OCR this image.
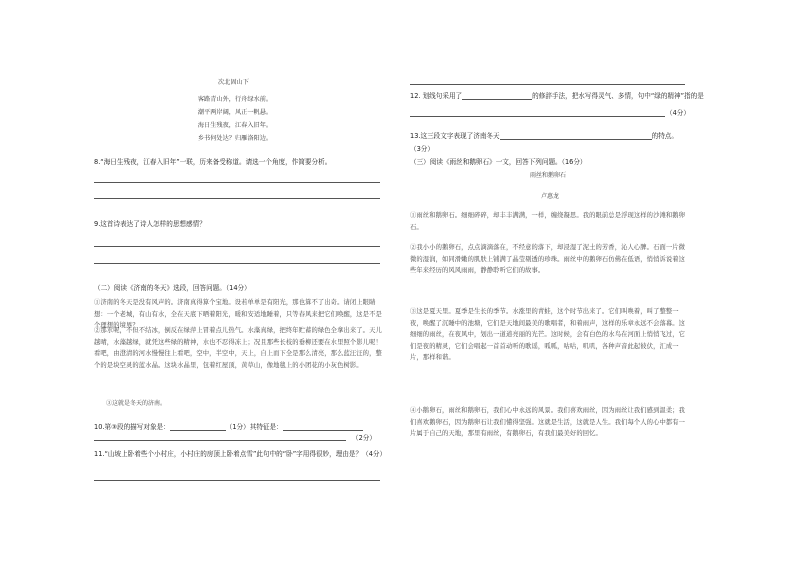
次北固山下
客路青山外，行舟绿水前。
潮平两岸阔，风正一帆悬。
海日生残夜，江春入旧年。
乡书何处达？归雁洛阳边。
8.“海日生残夜，江春入旧年”一联，历来备受称道。请选一个角度，作简要分析。
9.这首诗表达了诗人怎样的思想感情？
（二）阅读《济南的冬天》选段，回答问题。（14分）
①济南的冬天是没有风声的。济南真得算个宝地。设若单单是有阳光，那也算不了出奇。请闭上眼睛想：一个老城，有山有水，全在天底下晒着阳光，暖和安适地睡着，只等春风来把它们唤醒，这是不是个理想的境界？
②那水呢，不但不结冰，倒反在绿萍上冒着点儿热气。水藻真绿，把终年贮蓄的绿色全拿出来了。天儿越晴，水藻越绿，就凭这些绿的精神，水也不忍得冻上；况且那些长枝的垂柳还要在水里照个影儿呢！看吧，由澄清的河水慢慢往上看吧，空中，半空中，天上，自上而下全是那么清亮，那么蓝汪汪的，整个的是块空灵的蓝水晶。这块水晶里，包着红屋顶，黄草山，像地毯上的小团花的小灰色树影。
③这就是冬天的济南。
10.第③段的描写对象是：	（1分）其特征是：
（2分）
11.“山坡上卧着些个小村庄，小村庄的房顶上卧着点雪”此句中的“卧”字用得很妙，理由是？（4分）
12. 划线句采用了	的修辞手法，把水写得灵气、多情，句中“绿的精神”指的是
（4分）
13.这三段文字表现了济南冬天	的特点。
（3分）
（三）阅读《雨丝和鹅卵石》一文，回答下列问题。（16分）
雨丝和鹅卵石
卢惠龙
①雨丝和鹅卵石。细细碎碎，却丰丰满满，一样，缠绕凝思。我的眼前总是浮现这样的沙滩和鹅卵石。
②我小小的鹅卵石，点点滴滴落在，不经意的落下，却浸湿了泥土的芳香，沁人心脾。石面一片微微的湿润，如同滑嫩的肌肤上铺满了晶莹剔透的珍珠。雨丝中的鹅卵石仿佛在低语，悄悄诉说着这些年来经历的风风雨雨，静静聆听它们的故事。
③这是夏天里。夏季是生长的季节。水涨里的青蛙，这个时节出来了。它们叫唤着，叫了整整一夜，唤醒了沉睡中的池塘，它们是天地间最美的歌唱者，和着雨声，这样的乐章永远不会落幕。这细细的雨丝，在夜风中，划出一道道亮丽的光芒。这时候，会有白色的水鸟在河面上悄悄飞过，它们是夜的精灵，它们会唱起一首首动听的歌谣，呱呱，咕咕，叽叽，各种声音此起彼伏，汇成一片，那样和谐。
④小鹅卵石，雨丝和鹅卵石，我们心中永远的风景。我们喜欢雨丝，因为雨丝让我们感到温柔；我们喜欢鹅卵石，因为鹅卵石让我们懂得坚强。这就是生活，这就是人生。我们每个人的心中都有一片属于自己的天地，那里有雨丝，有鹅卵石，有我们最美好的回忆。
